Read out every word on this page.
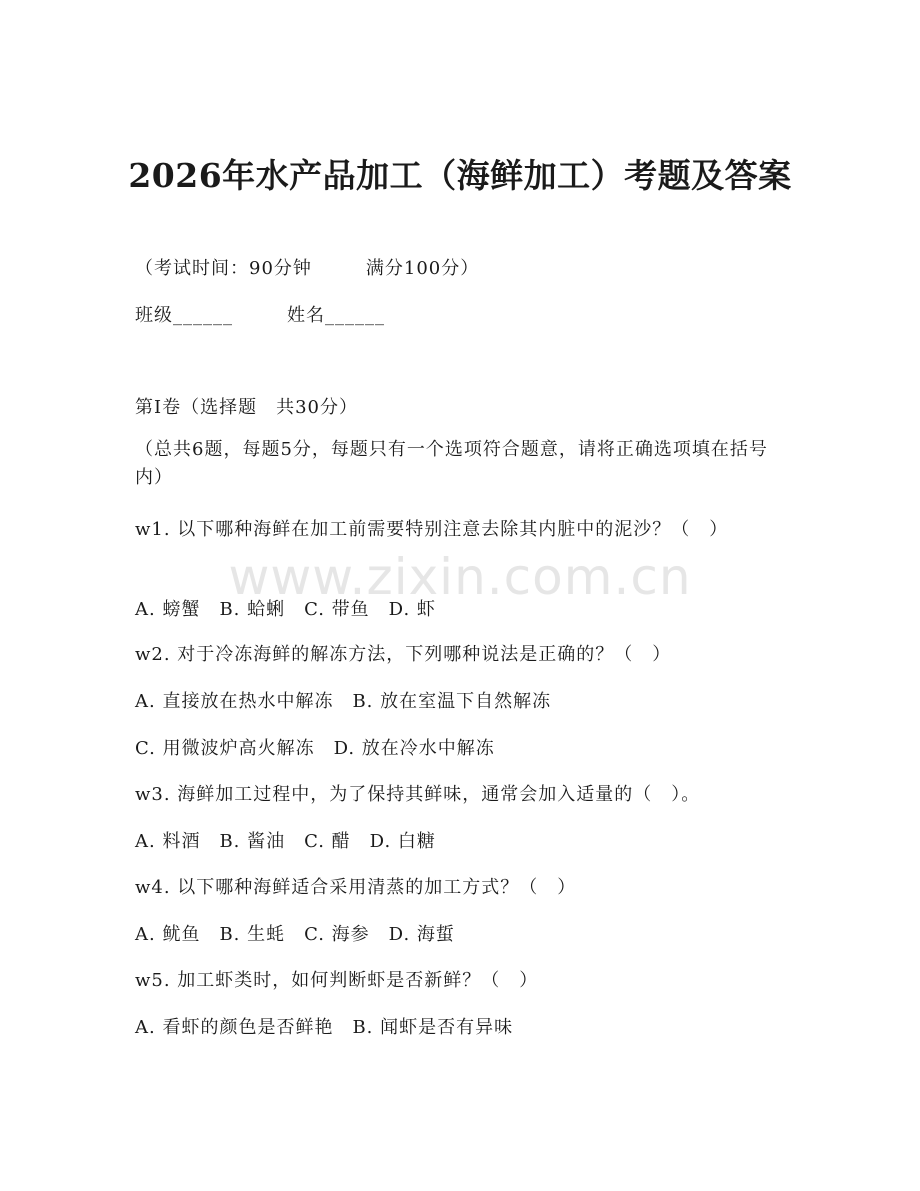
2026年水产品加工（海鲜加工）考题及答案
（考试时间：90分钟	满分100分）
班级______	姓名______
第Ⅰ卷（选择题　共30分）
（总共6题，每题5分，每题只有一个选项符合题意，请将正确选项填在括号内）
w1. 以下哪种海鲜在加工前需要特别注意去除其内脏中的泥沙？（　）
A. 螃蟹　B. 蛤蜊　C. 带鱼　D. 虾
w2. 对于冷冻海鲜的解冻方法，下列哪种说法是正确的？（　）
A. 直接放在热水中解冻　B. 放在室温下自然解冻
C. 用微波炉高火解冻　D. 放在冷水中解冻
w3. 海鲜加工过程中，为了保持其鲜味，通常会加入适量的（　）。
A. 料酒　B. 酱油　C. 醋　D. 白糖
w4. 以下哪种海鲜适合采用清蒸的加工方式？（　）
A. 鱿鱼　B. 生蚝　C. 海参　D. 海蜇
w5. 加工虾类时，如何判断虾是否新鲜？（　）
A. 看虾的颜色是否鲜艳　B. 闻虾是否有异味
www.zixin.com.cn
